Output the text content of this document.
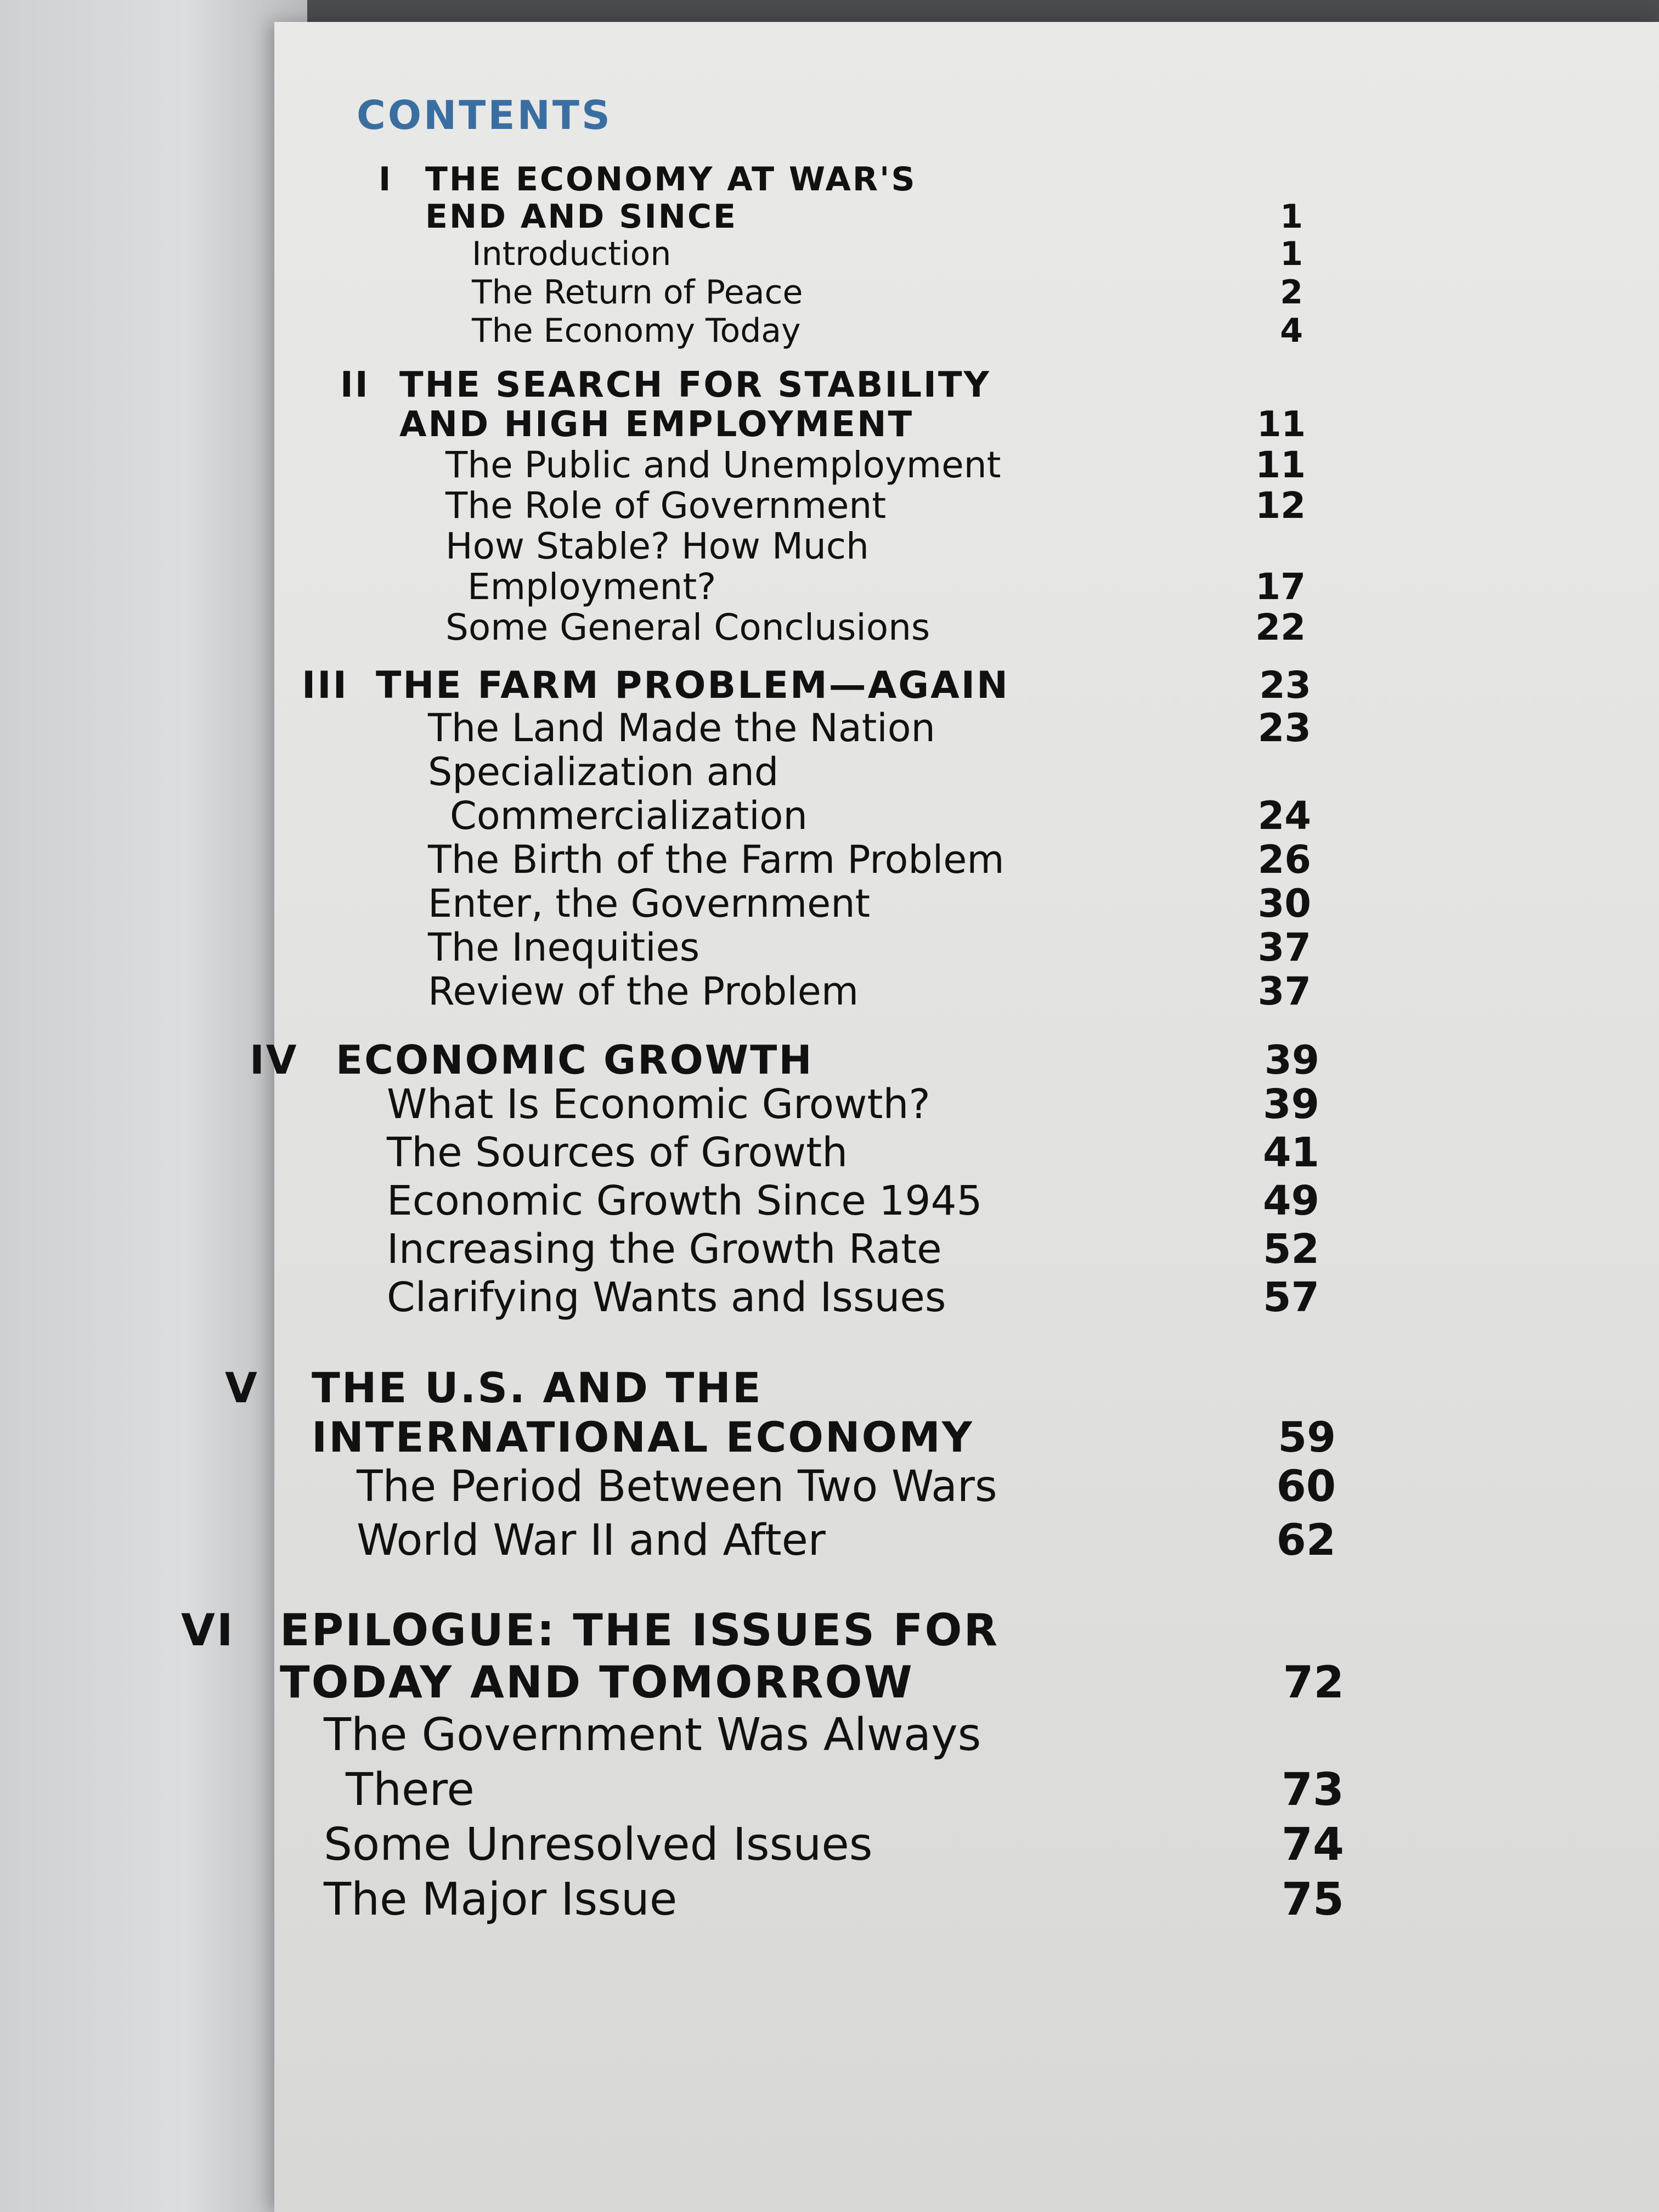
CONTENTS
I THE ECONOMY AT WAR'S
END AND SINCE	1
Introduction	1
The Return of Peace	2
The Economy Today	4
II THE SEARCH FOR STABILITY
AND HIGH EMPLOYMENT	11
The Public and Unemployment	11
The Role of Government	12
How Stable? How Much
Employment?	17
Some General Conclusions	22
III THE FARM PROBLEM—AGAIN	23
The Land Made the Nation	23
Specialization and
Commercialization	24
The Birth of the Farm Problem	26
Enter, the Government	30
The Inequities	37
Review of the Problem	37
IV ECONOMIC GROWTH	39
What Is Economic Growth?	39
The Sources of Growth	41
Economic Growth Since 1945	49
Increasing the Growth Rate	52
Clarifying Wants and Issues	57
V THE U.S. AND THE
INTERNATIONAL ECONOMY	59
The Period Between Two Wars	60
World War II and After	62
VI EPILOGUE: THE ISSUES FOR
TODAY AND TOMORROW	72
The Government Was Always
There	73
Some Unresolved Issues	74
The Major Issue	75
